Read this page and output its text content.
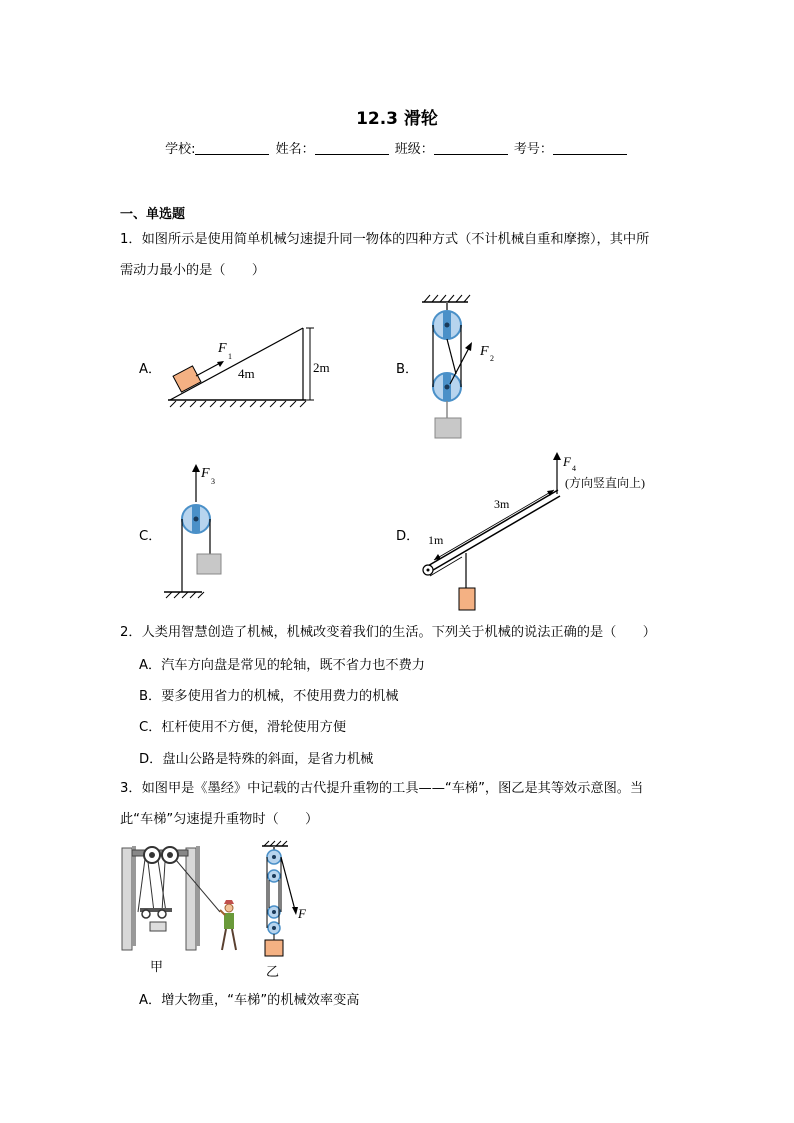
12.3 滑轮
学校:	姓名：	班级：	考号：
一、单选题
1．如图所示是使用简单机械匀速提升同一物体的四种方式（不计机械自重和摩擦），其中所
需动力最小的是（　　）
A．	B．
C．	D．
F
1
4m	2m
F 2
F
3
F 4
(方向竖直向上)
3m
1m
2．人类用智慧创造了机械，机械改变着我们的生活。下列关于机械的说法正确的是（　　）
A．汽车方向盘是常见的轮轴，既不省力也不费力
B．要多使用省力的机械，不使用费力的机械
C．杠杆使用不方便，滑轮使用方便
D．盘山公路是特殊的斜面，是省力机械
3．如图甲是《墨经》中记载的古代提升重物的工具——“车梯”，图乙是其等效示意图。当
此“车梯”匀速提升重物时（　　）
甲
F
乙
A．增大物重，“车梯”的机械效率变高
